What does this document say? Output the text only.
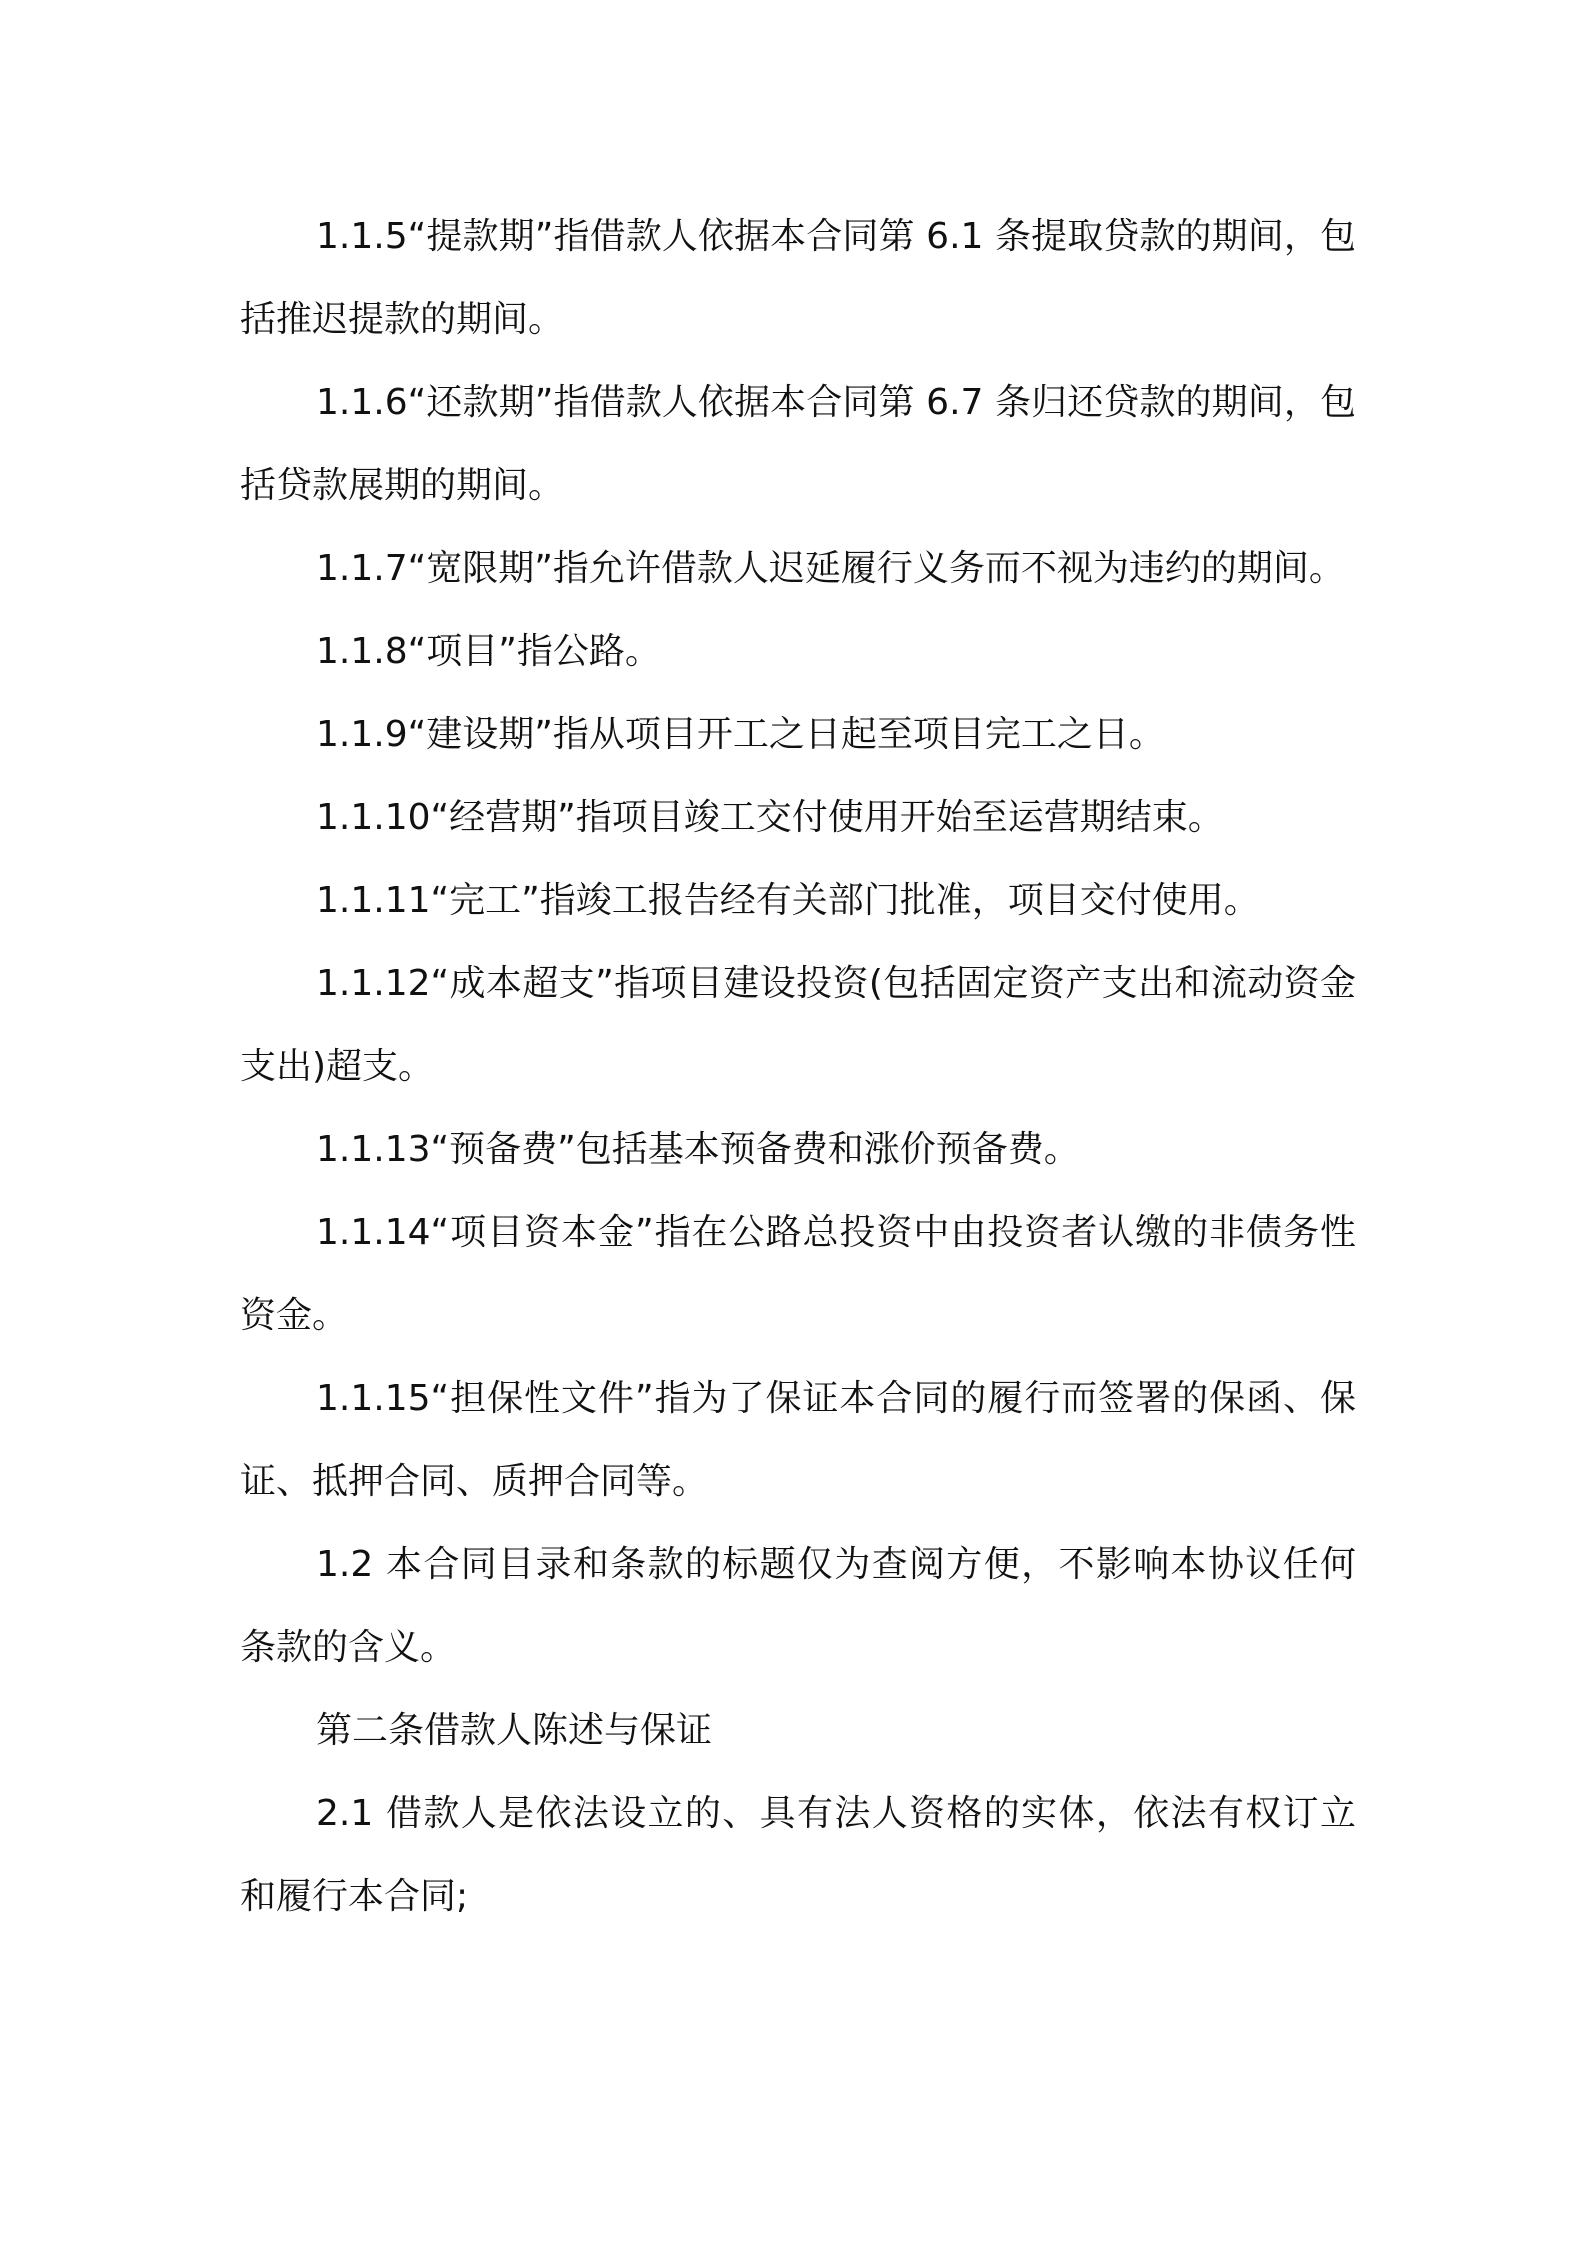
1.1.5“提款期”指借款人依据本合同第 6.1 条提取贷款的期间，包括推迟提款的期间。

1.1.6“还款期”指借款人依据本合同第 6.7 条归还贷款的期间，包括贷款展期的期间。

1.1.7“宽限期”指允许借款人迟延履行义务而不视为违约的期间。

1.1.8“项目”指公路。

1.1.9“建设期”指从项目开工之日起至项目完工之日。

1.1.10“经营期”指项目竣工交付使用开始至运营期结束。

1.1.11“完工”指竣工报告经有关部门批准，项目交付使用。

1.1.12“成本超支”指项目建设投资(包括固定资产支出和流动资金支出)超支。

1.1.13“预备费”包括基本预备费和涨价预备费。

1.1.14“项目资本金”指在公路总投资中由投资者认缴的非债务性资金。

1.1.15“担保性文件”指为了保证本合同的履行而签署的保函、保证、抵押合同、质押合同等。

1.2 本合同目录和条款的标题仅为查阅方便，不影响本协议任何条款的含义。

第二条借款人陈述与保证

2.1 借款人是依法设立的、具有法人资格的实体，依法有权订立和履行本合同;
